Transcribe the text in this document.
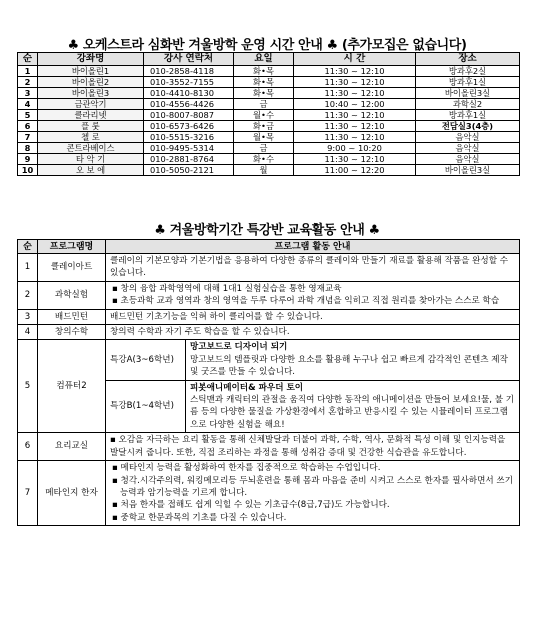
♣ 오케스트라 심화반 겨울방학 운영 시간 안내 ♣ (추가모집은 없습니다)
순	강좌명	강사 연락처	요일	시 간	장소
1	바이올린1	010-2858-4118	화•목	11:30 ~ 12:10	방과후2실
2	바이올린2	010-3552-7155	화•목	11:30 ~ 12:10	방과후1실
3	바이올린3	010-4410-8130	화•목	11:30 ~ 12:10	바이올린3실
4	금관악기	010-4556-4426	금	10:40 ~ 12:00	과학실2
5	클라리넷	010-8007-8087	월•수	11:30 ~ 12:10	방과후1실
6	플 룻	010-6573-6426	화•금	11:30 ~ 12:10	전담실3(4층)
7	첼 로	010-5515-3216	월•목	11:30 ~ 12:10	음악실
8	콘트라베이스	010-9495-5314	금	9:00 ~ 10:20	음악실
9	타 악 기	010-2881-8764	화•수	11:30 ~ 12:10	음악실
10	오 보 에	010-5050-2121	월	11:00 ~ 12:20	바이올린3실
♣ 겨울방학기간 특강반 교육활동 안내 ♣
순	프로그램명	프로그램 활동 안내	
1	클레이아트	클레이의 기본모양과 기본기법을 응용하여 다양한 종류의 클레이와 만들기 재료를 활용해 작품을 완성할 수 있습니다.	
2	과학실험	▪ 창의 융합 과학영역에 대해 1대1 실험실습을 통한 영재교육
▪ 초등과학 교과 영역과 창의 영역을 두루 다루어 과학 개념을 익히고 직접 원리를 찾아가는 스스로 학습	

3	배드민턴	배드민턴 기초기능을 익혀 하이 클리어를 할 수 있습니다.	
4	창의수학	창의력 수학과 자기 주도 학습을 할 수 있습니다.	
5	컴퓨터2	특강A(3~6학년)	망고보드로 디자이너 되기
망고보드의 템플릿과 다양한 요소를 활용해 누구나 쉽고 빠르게 감각적인 콘텐츠 제작 및 굿즈를 만들 수 있습니다.
		특강B(1~4학년)	피봇애니메이터& 파우더 토이
스틱맨과 캐릭터의 관절을 움직여 다양한 동작의 애니메이션을 만들어 보세요!물, 불 기름 등의 다양한 물질을 가상환경에서 혼합하고 반응시킬 수 있는 시뮬레이터 프로그램으로 다양한 실험을 해요!
6	요리교실	▪ 오감을 자극하는 요리 활동을 통해 신체발달과 더불어 과학, 수학, 역사, 문화적 특성 이해 및 인지능력을 발달시켜 줍니다. 또한, 직접 조리하는 과정을 통해 성취감 증대 및 건강한 식습관을 유도합니다.	
7	메타인지 한자	▪ 메타인지 능력을 활성화하여 한자를 집중적으로 학습하는 수업입니다.
▪ 청각.시각주의력, 워킹메모리등 두뇌훈련을 통해 몸과 마음을 준비 시켜고 스스로 한자를 필사하면서 쓰기능력과 암기능력을 기르게 합니다.
▪ 처음 한자를 접해도 쉽게 익힐 수 있는 기초급수(8급,7급)도 가능합니다.
▪ 중학교 한문과목의 기초를 다질 수 있습니다.	
